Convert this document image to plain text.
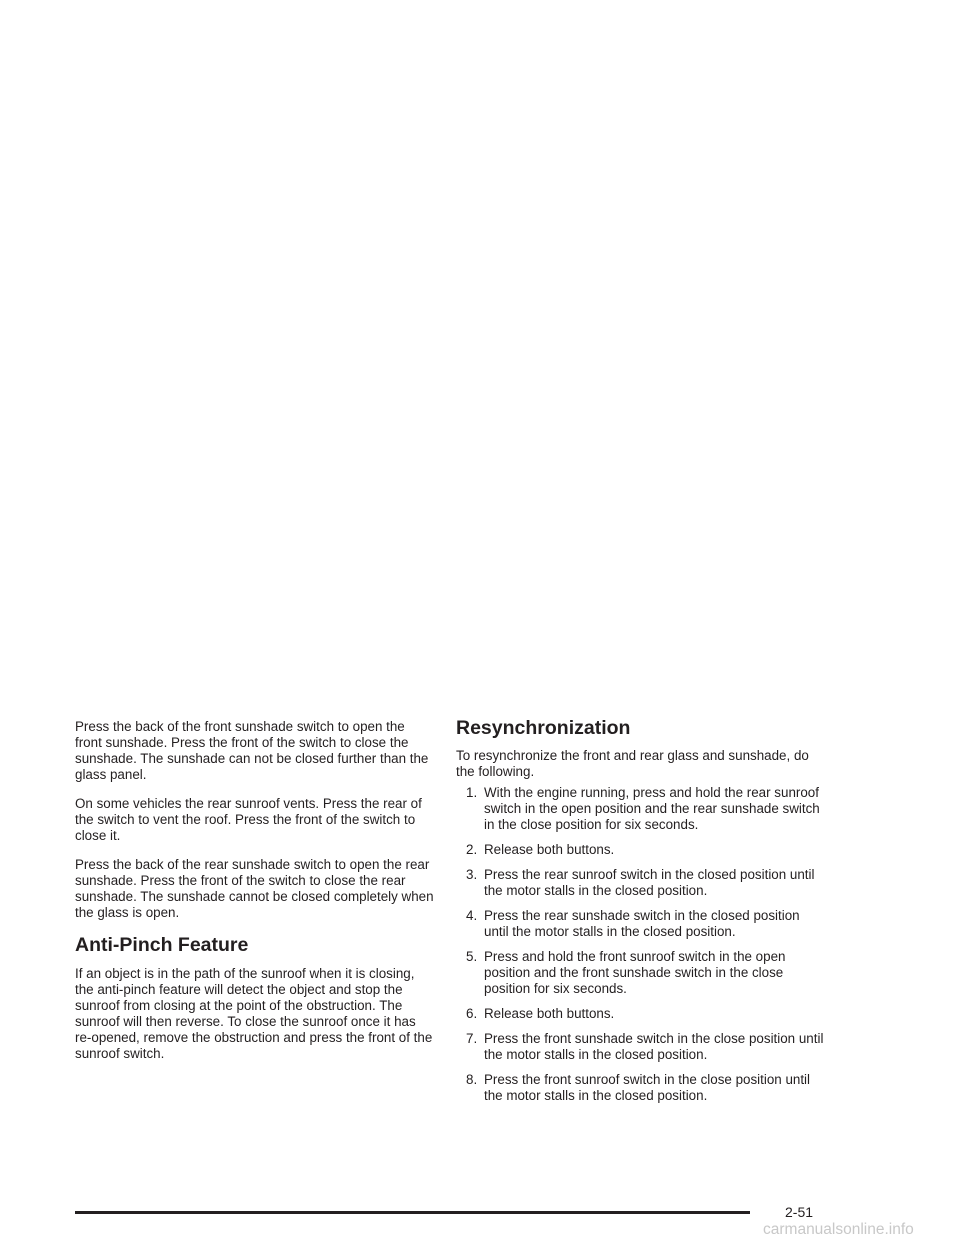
Press the back of the front sunshade switch to open the front sunshade. Press the front of the switch to close the sunshade. The sunshade can not be closed further than the glass panel.

On some vehicles the rear sunroof vents. Press the rear of the switch to vent the roof. Press the front of the switch to close it.

Press the back of the rear sunshade switch to open the rear sunshade. Press the front of the switch to close the rear sunshade. The sunshade cannot be closed completely when the glass is open.

Anti-Pinch Feature

If an object is in the path of the sunroof when it is closing, the anti-pinch feature will detect the object and stop the sunroof from closing at the point of the obstruction. The sunroof will then reverse. To close the sunroof once it has re-opened, remove the obstruction and press the front of the sunroof switch.

Resynchronization

To resynchronize the front and rear glass and sunshade, do the following.

1. With the engine running, press and hold the rear sunroof switch in the open position and the rear sunshade switch in the close position for six seconds.
2. Release both buttons.
3. Press the rear sunroof switch in the closed position until the motor stalls in the closed position.
4. Press the rear sunshade switch in the closed position until the motor stalls in the closed position.
5. Press and hold the front sunroof switch in the open position and the front sunshade switch in the close position for six seconds.
6. Release both buttons.
7. Press the front sunshade switch in the close position until the motor stalls in the closed position.
8. Press the front sunroof switch in the close position until the motor stalls in the closed position.
2-51
carmanualsonline.info
